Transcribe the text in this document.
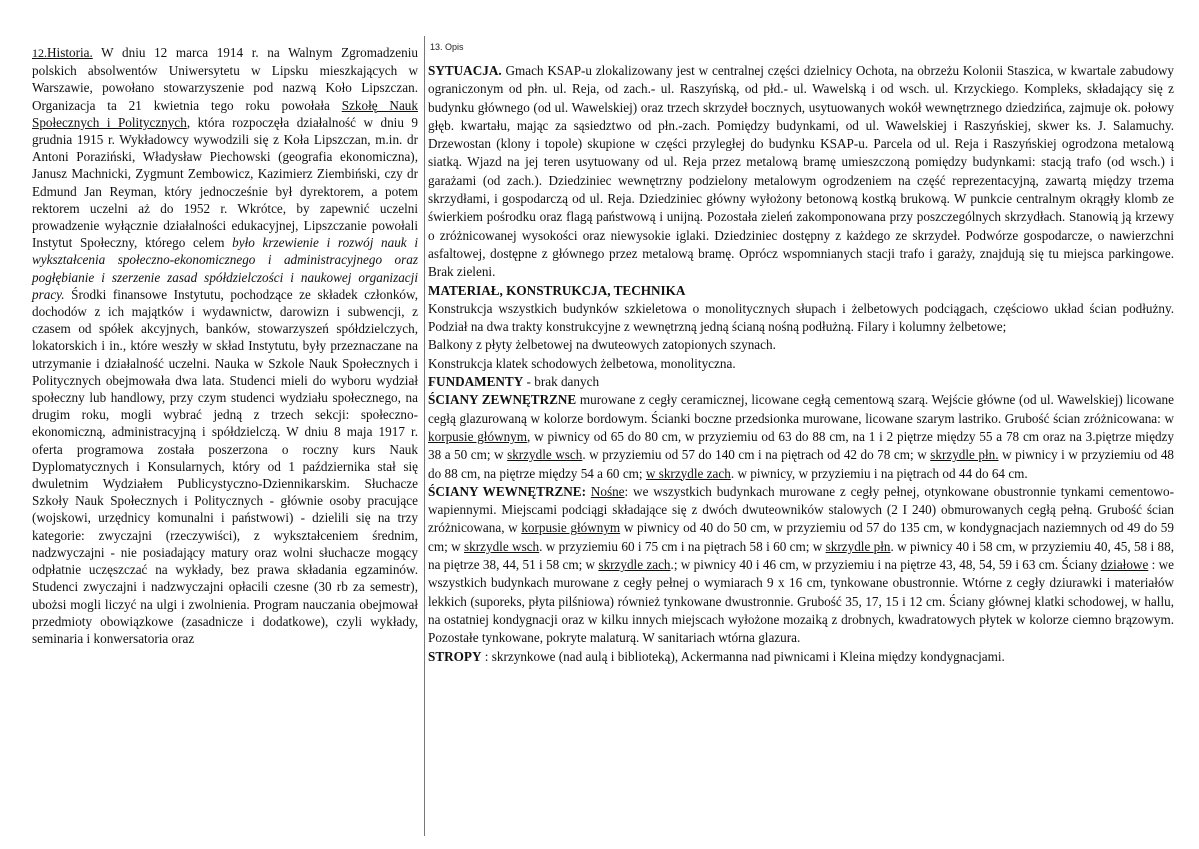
12.Historia. W dniu 12 marca 1914 r. na Walnym Zgromadzeniu polskich absolwentów Uniwersytetu w Lipsku mieszkających w Warszawie, powołano stowarzyszenie pod nazwą Koło Lipszczan. Organizacja ta 21 kwietnia tego roku powołała Szkołę Nauk Społecznych i Politycznych, która rozpoczęła działalność w dniu 9 grudnia 1915 r. Wykładowcy wywodzili się z Koła Lipszczan, m.in. dr Antoni Poraziński, Władysław Piechowski (geografia ekonomiczna), Janusz Machnicki, Zygmunt Zembowicz, Kazimierz Ziembiński, czy dr Edmund Jan Reyman, który jednocześnie był dyrektorem, a potem rektorem uczelni aż do 1952 r. Wkrótce, by zapewnić uczelni prowadzenie wyłącznie działalności edukacyjnej, Lipszczanie powołali Instytut Społeczny, którego celem było krzewienie i rozwój nauk i wykształcenia społeczno-ekonomicznego i administracyjnego oraz pogłębianie i szerzenie zasad spółdzielczości i naukowej organizacji pracy. Środki finansowe Instytutu, pochodzące ze składek członków, dochodów z ich majątków i wydawnictw, darowizn i subwencji, z czasem od spółek akcyjnych, banków, stowarzyszeń spółdzielczych, lokatorskich i in., które weszły w skład Instytutu, były przeznaczane na utrzymanie i działalność uczelni. Nauka w Szkole Nauk Społecznych i Politycznych obejmowała dwa lata. Studenci mieli do wyboru wydział społeczny lub handlowy, przy czym studenci wydziału społecznego, na drugim roku, mogli wybrać jedną z trzech sekcji: społeczno-ekonomiczną, administracyjną i spółdzielczą. W dniu 8 maja 1917 r. oferta programowa została poszerzona o roczny kurs Nauk Dyplomatycznych i Konsularnych, który od 1 października stał się dwuletnim Wydziałem Publicystyczno-Dziennikarskim. Słuchacze Szkoły Nauk Społecznych i Politycznych - głównie osoby pracujące (wojskowi, urzędnicy komunalni i państwowi) - dzielili się na trzy kategorie: zwyczajni (rzeczywiści), z wykształceniem średnim, nadzwyczajni - nie posiadający matury oraz wolni słuchacze mogący odpłatnie uczęszczać na wykłady, bez prawa składania egzaminów. Studenci zwyczajni i nadzwyczajni opłacili czesne (30 rb za semestr), ubożsi mogli liczyć na ulgi i zwolnienia. Program nauczania obejmował przedmioty obowiązkowe (zasadnicze i dodatkowe), czyli wykłady, seminaria i konwersatoria oraz

13. Opis

SYTUACJA. Gmach KSAP-u zlokalizowany jest w centralnej części dzielnicy Ochota, na obrzeżu Kolonii Staszica, w kwartale zabudowy ograniczonym od płn. ul. Reja, od zach.- ul. Raszyńską, od płd.- ul. Wawelską i od wsch. ul. Krzyckiego. Kompleks, składający się z budynku głównego (od ul. Wawelskiej) oraz trzech skrzydeł bocznych, usytuowanych wokół wewnętrznego dziedzińca, zajmuje ok. połowy głęb. kwartału, mając za sąsiedztwo od płn.-zach. Pomiędzy budynkami, od ul. Wawelskiej i Raszyńskiej, skwer ks. J. Salamuchy. Drzewostan (klony i topole) skupione w części przyległej do budynku KSAP-u. Parcela od ul. Reja i Raszyńskiej ogrodzona metalową siatką. Wjazd na jej teren usytuowany od ul. Reja przez metalową bramę umieszczoną pomiędzy budynkami: stacją trafo (od wsch.) i garażami (od zach.). Dziedziniec wewnętrzny podzielony metalowym ogrodzeniem na część reprezentacyjną, zawartą między trzema skrzydłami, i gospodarczą od ul. Reja. Dziedziniec główny wyłożony betonową kostką brukową. W punkcie centralnym okrągły klomb ze świerkiem pośrodku oraz flagą państwową i unijną. Pozostała zieleń zakomponowana przy poszczególnych skrzydłach. Stanowią ją krzewy o zróżnicowanej wysokości oraz niewysokie iglaki. Dziedziniec dostępny z każdego ze skrzydeł. Podwórze gospodarcze, o nawierzchni asfaltowej, dostępne z głównego przez metalową bramę. Oprócz wspomnianych stacji trafo i garaży, znajdują się tu miejsca parkingowe. Brak zieleni.

MATERIAŁ, KONSTRUKCJA, TECHNIKA

Konstrukcja wszystkich budynków szkieletowa o monolitycznych słupach i żelbetowych podciągach, częściowo układ ścian podłużny. Podział na dwa trakty konstrukcyjne z wewnętrzną jedną ścianą nośną podłużną. Filary i kolumny żelbetowe;

Balkony z płyty żelbetowej na dwuteowych zatopionych szynach.

Konstrukcja klatek schodowych żelbetowa, monolityczna.

FUNDAMENTY - brak danych

ŚCIANY ZEWNĘTRZNE murowane z cegły ceramicznej, licowane cegłą cementową szarą. Wejście główne (od ul. Wawelskiej) licowane cegłą glazurowaną w kolorze bordowym. Ścianki boczne przedsionka murowane, licowane szarym lastriko. Grubość ścian zróżnicowana: w korpusie głównym, w piwnicy od 65 do 80 cm, w przyziemiu od 63 do 88 cm, na 1 i 2 piętrze między 55 a 78 cm oraz na 3.piętrze między 38 a 50 cm; w skrzydle wsch. w przyziemiu od 57 do 140 cm i na piętrach od 42 do 78 cm; w skrzydle płn. w piwnicy i w przyziemiu od 48 do 88 cm, na piętrze między 54 a 60 cm; w skrzydle zach. w piwnicy, w przyziemiu i na piętrach od 44 do 64 cm.

ŚCIANY WEWNĘTRZNE: Nośne: we wszystkich budynkach murowane z cegły pełnej, otynkowane obustronnie tynkami cementowo-wapiennymi. Miejscami podciągi składające się z dwóch dwuteowników stalowych (2 I 240) obmurowanych cegłą pełną. Grubość ścian zróżnicowana, w korpusie głównym w piwnicy od 40 do 50 cm, w przyziemiu od 57 do 135 cm, w kondygnacjach naziemnych od 49 do 59 cm; w skrzydle wsch. w przyziemiu 60 i 75 cm i na piętrach 58 i 60 cm; w skrzydle płn. w piwnicy 40 i 58 cm, w przyziemiu 40, 45, 58 i 88, na piętrze 38, 44, 51 i 58 cm; w skrzydle zach.; w piwnicy 40 i 46 cm, w przyziemiu i na piętrze 43, 48, 54, 59 i 63 cm. Ściany działowe : we wszystkich budynkach murowane z cegły pełnej o wymiarach 9 x 16 cm, tynkowane obustronnie. Wtórne z cegły dziurawki i materiałów lekkich (suporeks, płyta pilśniowa) również tynkowane dwustronnie. Grubość 35, 17, 15 i 12 cm. Ściany głównej klatki schodowej, w hallu, na ostatniej kondygnacji oraz w kilku innych miejscach wyłożone mozaiką z drobnych, kwadratowych płytek w kolorze ciemno brązowym. Pozostałe tynkowane, pokryte malaturą. W sanitariach wtórna glazura.

STROPY : skrzynkowe (nad aulą i biblioteką), Ackermanna nad piwnicami i Kleina między kondygnacjami.
